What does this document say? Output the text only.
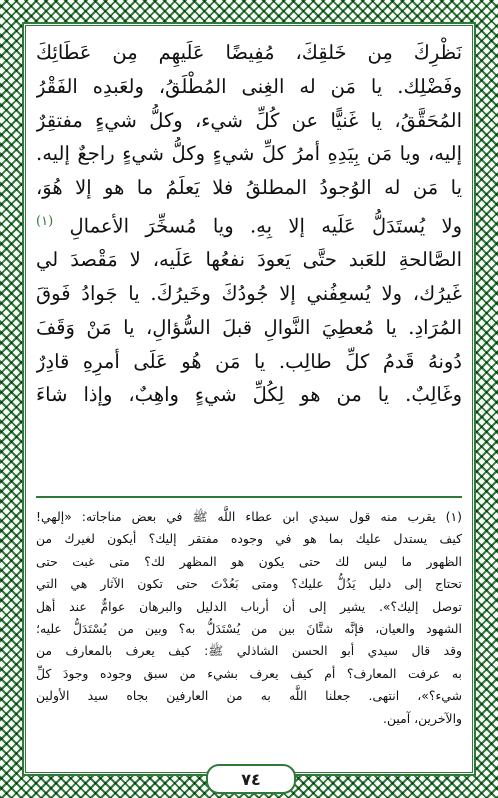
نَظْرِكَ مِن خَلقِكَ، مُفِيضًا عَلَيهِم مِن عَطَائِكَ
وفَضْلِك. يا مَن له الغِنى المُطْلَقُ، ولعَبدِه الفَقْرُ
المُحَقَّقُ، يا غَنيًّا عن كُلِّ شيء، وكلُّ شيءٍ مفتقِرٌ
إليه، ويا مَن بِيَدِهِ أمرُ كلِّ شيءٍ وكلُّ شيءٍ راجعٌ إليه.
يا مَن له الوُجودُ المطلقُ فلا يَعلَمُ ما هو إلا هُوَ،
ولا يُستَدَلُّ عَلَيه إلا بِهِ. ويا مُسخِّرَ الأعمالِ $^{(١)}$
الصَّالحةِ للعَبد حتَّى يَعودَ نفعُها عَلَيه، لا مَقْصدَ لي
غَيرُك، ولا يُسعِفُني إلا جُودُكَ وخَيرُكَ. يا جَوادُ فَوقَ
المُرَادِ. يا مُعطِيَ النَّوالِ قبلَ السُّؤالِ، يا مَنْ وَقَفَ
دُونهُ قَدمُ كلِّ طالِب. يا مَن هُو عَلَى أمرِهِ قادِرٌ
وغَالِبٌ. يا من هو لِكُلِّ شيءٍ واهِبٌ، وإذا شاءَ
(١) يقرب منه قول سيدي ابن عطاء اللَّه ﷺ في بعض مناجاته: «إلهي!
كيف يستدل عليك بما هو في وجوده مفتقر إليك؟ أيكون لغيرك من
الظهور ما ليس لك حتى يكون هو المظهر لك؟ متى غبت حتى
تحتاج إلى دليل يَدُلُّ عليك؟ ومتى بَعُدْتَ حتى تكون الآثار هي التي
توصل إليك؟». يشير إلى أن أرباب الدليل والبرهان عوامٌّ عند أهل
الشهود والعيان، فإنَّه شتَّانَ بين من يُسْتَدَلُّ به؟ وبين من يُسْتَدَلُّ عليه؛
وقد قال سيدي أبو الحسن الشاذلي ﷺ: كيف يعرف بالمعارف من
به عرفت المعارف؟ أم كيف يعرف بشيء من سبق وجوده وجودَ كلِّ
شيء؟»، انتهى. جعلنا اللَّه به من العارفين بجاه سيد الأولين
والآخرين، آمين.
٧٤
